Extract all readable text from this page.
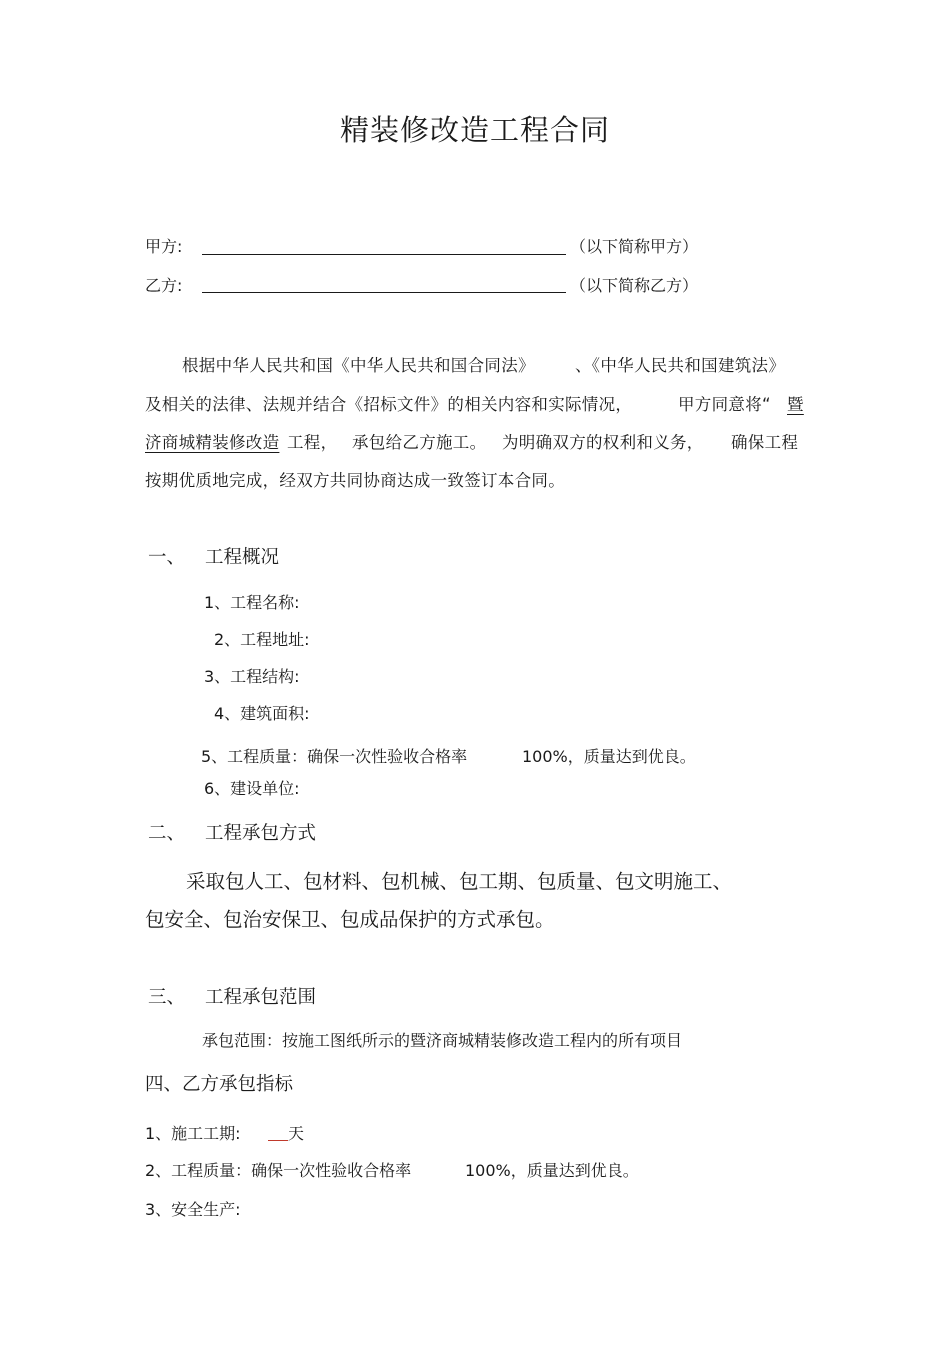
精装修改造工程合同
甲方:	（以下简称甲方）
乙方:	（以下简称乙方）
根据中华人民共和国《中华人民共和国合同法》 、《中华人民共和国建筑法》
及相关的法律、法规并结合《招标文件》的相关内容和实际情况，	甲方同意将“ 暨
济商城精装修改造 工程， 承包给乙方施工。 为明确双方的权利和义务， 确保工程
按期优质地完成，经双方共同协商达成一致签订本合同。
一、 工程概况
1、工程名称:
2、工程地址:
3、工程结构:
4、建筑面积:
5、工程质量：确保一次性验收合格率	100%，质量达到优良。
6、建设单位:
二、 工程承包方式
采取包人工、包材料、包机械、包工期、包质量、包文明施工、
包安全、包治安保卫、包成品保护的方式承包。
三、 工程承包范围
承包范围：按施工图纸所示的暨济商城精装修改造工程内的所有项目
四、乙方承包指标
1、施工工期:	天
2、工程质量：确保一次性验收合格率	100%，质量达到优良。
3、安全生产:
